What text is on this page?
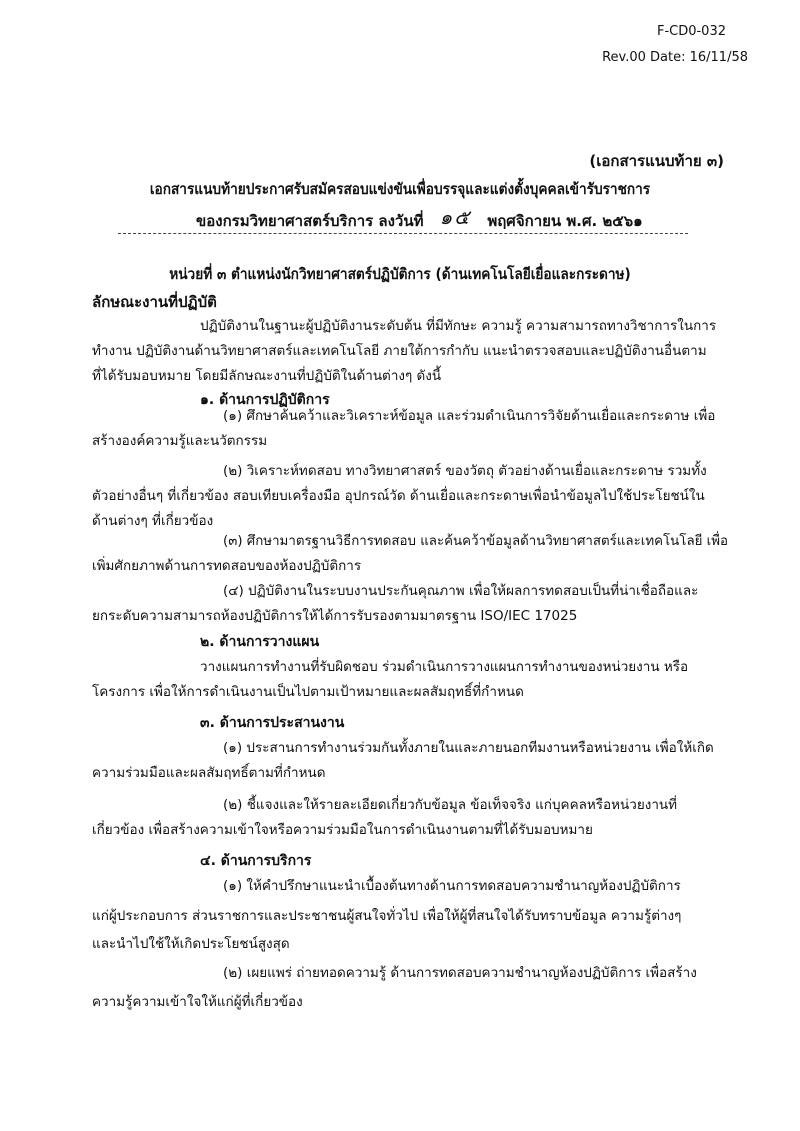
F-CD0-032
Rev.00 Date: 16/11/58
(เอกสารแนบท้าย ๓)
เอกสารแนบท้ายประกาศรับสมัครสอบแข่งขันเพื่อบรรจุและแต่งตั้งบุคคลเข้ารับราชการ
ของกรมวิทยาศาสตร์บริการ ลงวันที่ ๑๕ พฤศจิกายน พ.ศ. ๒๕๖๑
หน่วยที่ ๓ ตำแหน่งนักวิทยาศาสตร์ปฏิบัติการ (ด้านเทคโนโลยีเยื่อและกระดาษ)
ลักษณะงานที่ปฏิบัติ
ปฏิบัติงานในฐานะผู้ปฏิบัติงานระดับต้น ที่มีทักษะ ความรู้ ความสามารถทางวิชาการในการ
ทำงาน ปฏิบัติงานด้านวิทยาศาสตร์และเทคโนโลยี ภายใต้การกำกับ แนะนำตรวจสอบและปฏิบัติงานอื่นตาม
ที่ได้รับมอบหมาย โดยมีลักษณะงานที่ปฏิบัติในด้านต่างๆ ดังนี้
๑. ด้านการปฏิบัติการ
(๑) ศึกษาค้นคว้าและวิเคราะห์ข้อมูล และร่วมดำเนินการวิจัยด้านเยื่อและกระดาษ เพื่อ
สร้างองค์ความรู้และนวัตกรรม
(๒) วิเคราะห์ทดสอบ ทางวิทยาศาสตร์ ของวัตถุ ตัวอย่างด้านเยื่อและกระดาษ รวมทั้ง
ตัวอย่างอื่นๆ ที่เกี่ยวข้อง สอบเทียบเครื่องมือ อุปกรณ์วัด ด้านเยื่อและกระดาษเพื่อนำข้อมูลไปใช้ประโยชน์ใน
ด้านต่างๆ ที่เกี่ยวข้อง
(๓) ศึกษามาตรฐานวิธีการทดสอบ และค้นคว้าข้อมูลด้านวิทยาศาสตร์และเทคโนโลยี เพื่อ
เพิ่มศักยภาพด้านการทดสอบของห้องปฏิบัติการ
(๔) ปฏิบัติงานในระบบงานประกันคุณภาพ เพื่อให้ผลการทดสอบเป็นที่น่าเชื่อถือและ
ยกระดับความสามารถห้องปฏิบัติการให้ได้การรับรองตามมาตรฐาน ISO/IEC 17025
๒. ด้านการวางแผน
วางแผนการทำงานที่รับผิดชอบ ร่วมดำเนินการวางแผนการทำงานของหน่วยงาน หรือ
โครงการ เพื่อให้การดำเนินงานเป็นไปตามเป้าหมายและผลสัมฤทธิ์ที่กำหนด
๓. ด้านการประสานงาน
(๑) ประสานการทำงานร่วมกันทั้งภายในและภายนอกทีมงานหรือหน่วยงาน เพื่อให้เกิด
ความร่วมมือและผลสัมฤทธิ์ตามที่กำหนด
(๒) ชี้แจงและให้รายละเอียดเกี่ยวกับข้อมูล ข้อเท็จจริง แก่บุคคลหรือหน่วยงานที่
เกี่ยวข้อง เพื่อสร้างความเข้าใจหรือความร่วมมือในการดำเนินงานตามที่ได้รับมอบหมาย
๔. ด้านการบริการ
(๑) ให้คำปรึกษาแนะนำเบื้องต้นทางด้านการทดสอบความชำนาญห้องปฏิบัติการ
แก่ผู้ประกอบการ ส่วนราชการและประชาชนผู้สนใจทั่วไป เพื่อให้ผู้ที่สนใจได้รับทราบข้อมูล ความรู้ต่างๆ
และนำไปใช้ให้เกิดประโยชน์สูงสุด
(๒) เผยแพร่ ถ่ายทอดความรู้ ด้านการทดสอบความชำนาญห้องปฏิบัติการ เพื่อสร้าง
ความรู้ความเข้าใจให้แก่ผู้ที่เกี่ยวข้อง
